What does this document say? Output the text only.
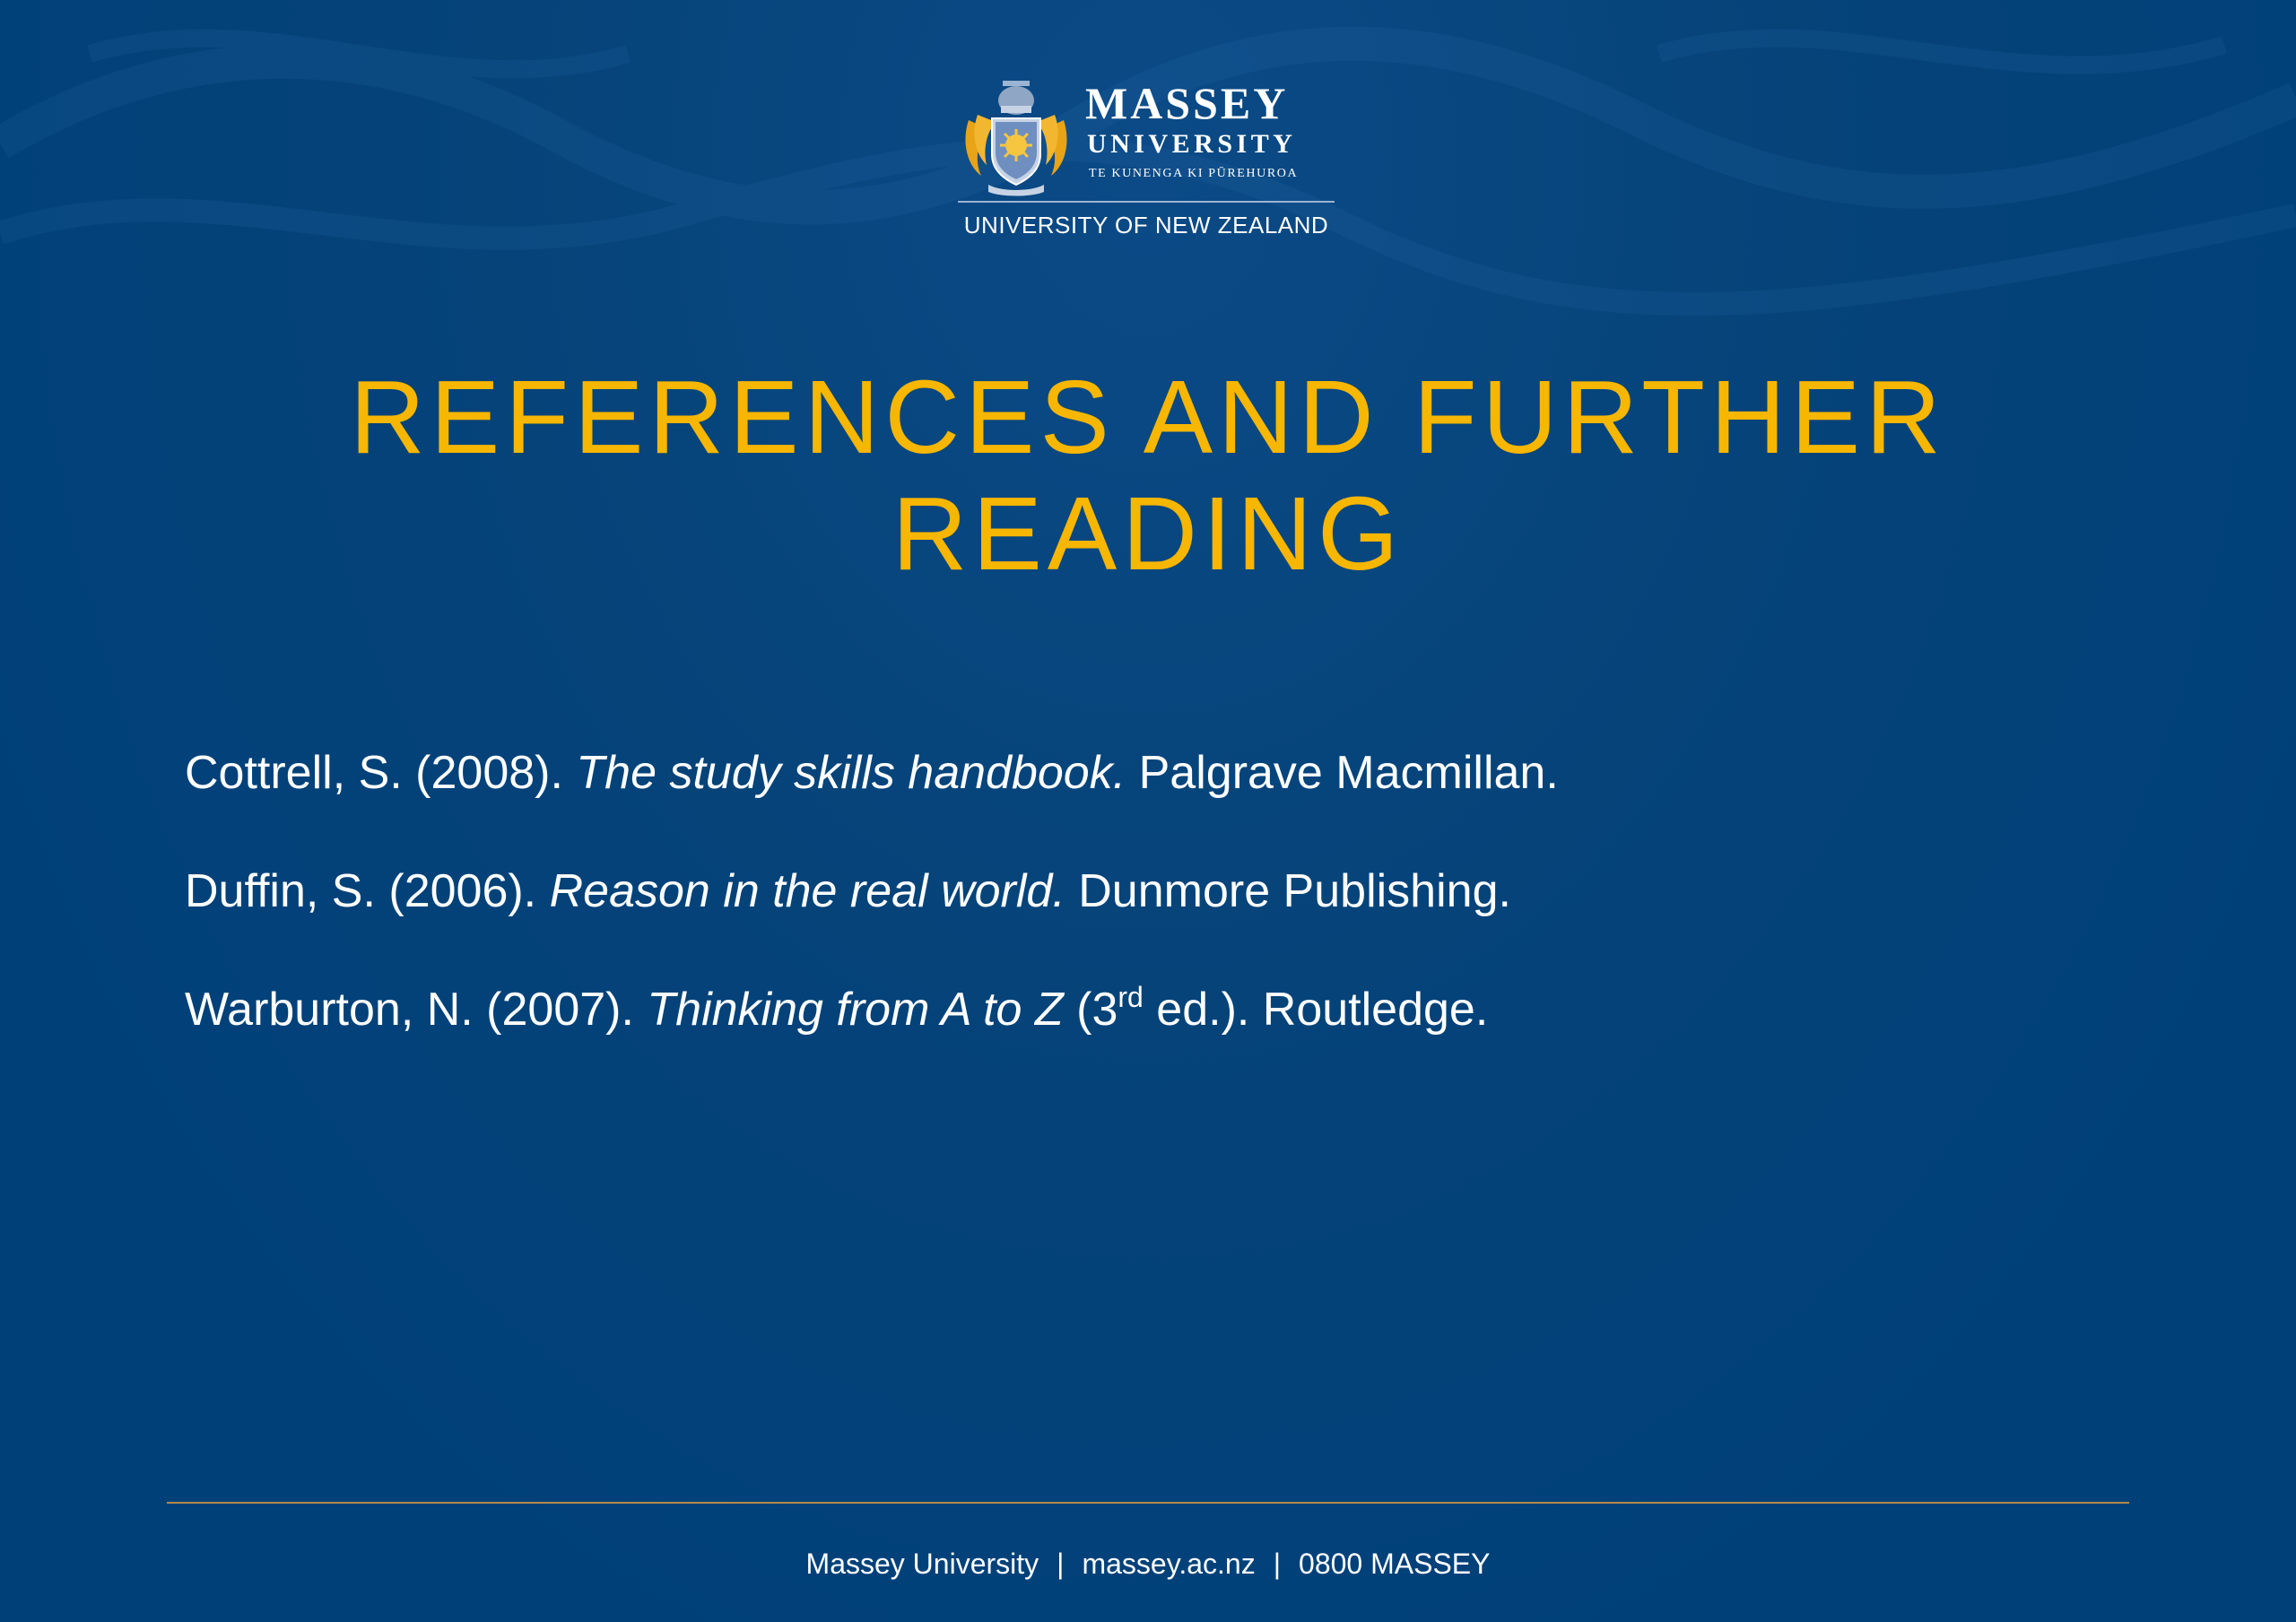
MASSEY
UNIVERSITY
TE KUNENGA KI PŪREHUROA
UNIVERSITY OF NEW ZEALAND
REFERENCES AND FURTHER READING
Cottrell, S. (2008). The study skills handbook. Palgrave Macmillan.
Duffin, S. (2006). Reason in the real world. Dunmore Publishing.
Warburton, N. (2007). Thinking from A to Z (3rd ed.). Routledge.
Massey University | massey.ac.nz | 0800 MASSEY
